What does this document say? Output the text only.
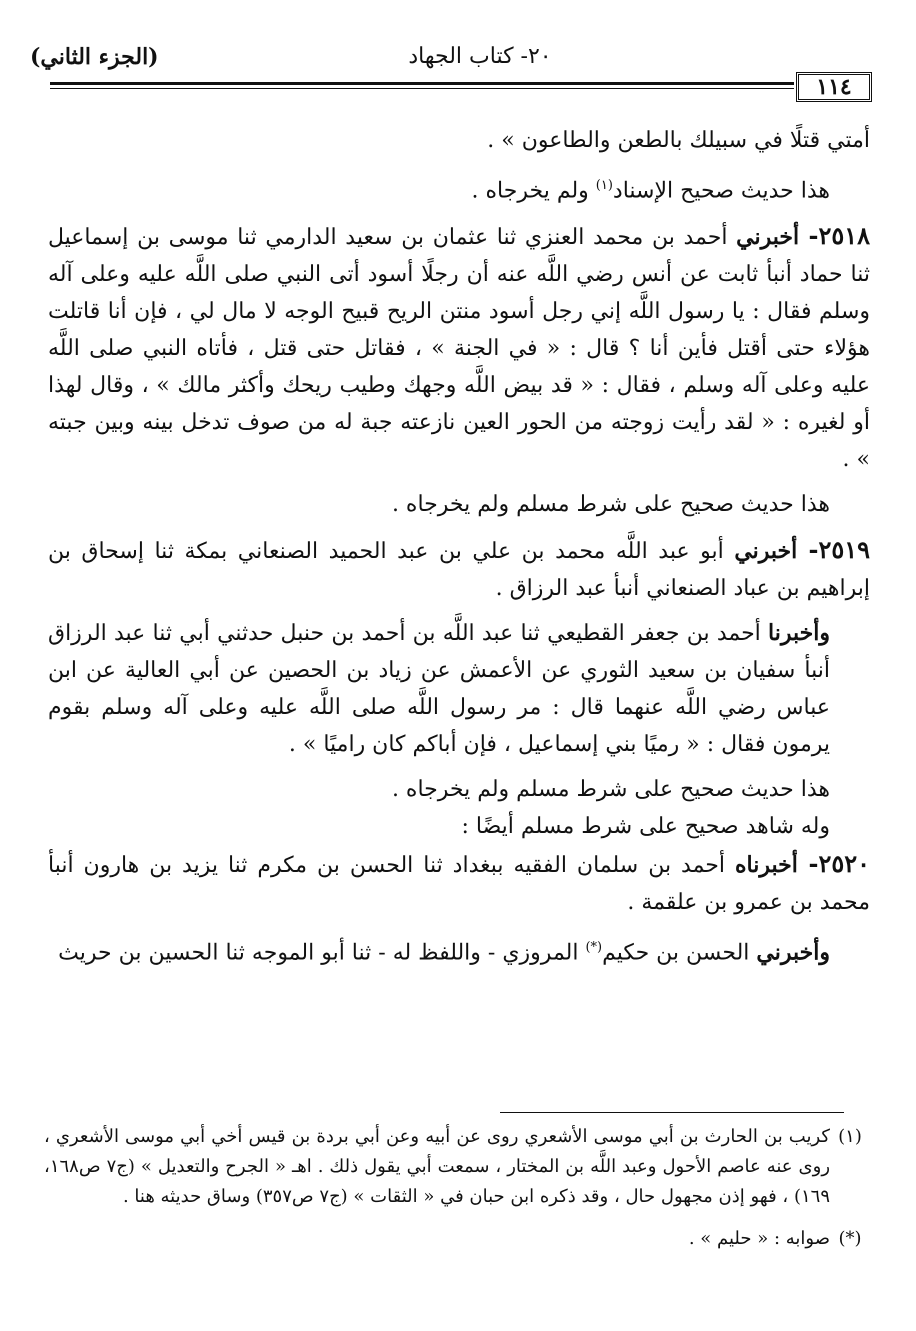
(الجزء الثاني)	٢٠- كتاب الجهاد
١١٤

أمتي قتلًا في سبيلك بالطعن والطاعون » .

هذا حديث صحيح الإسناد$^{(١)}$ ولم يخرجاه .

٢٥١٨- أخبرني أحمد بن محمد العنزي ثنا عثمان بن سعيد الدارمي ثنا موسى بن إسماعيل ثنا حماد أنبأ ثابت عن أنس رضي اللَّه عنه أن رجلًا أسود أتى النبي صلى اللَّه عليه وعلى آله وسلم فقال : يا رسول اللَّه إني رجل أسود منتن الريح قبيح الوجه لا مال لي ، فإن أنا قاتلت هؤلاء حتى أقتل فأين أنا ؟ قال : « في الجنة » ، فقاتل حتى قتل ، فأتاه النبي صلى اللَّه عليه وعلى آله وسلم ، فقال : « قد بيض اللَّه وجهك وطيب ريحك وأكثر مالك » ، وقال لهذا أو لغيره : « لقد رأيت زوجته من الحور العين نازعته جبة له من صوف تدخل بينه وبين جبته » .

هذا حديث صحيح على شرط مسلم ولم يخرجاه .

٢٥١٩- أخبرني أبو عبد اللَّه محمد بن علي بن عبد الحميد الصنعاني بمكة ثنا إسحاق بن إبراهيم بن عباد الصنعاني أنبأ عبد الرزاق .

وأخبرنا أحمد بن جعفر القطيعي ثنا عبد اللَّه بن أحمد بن حنبل حدثني أبي ثنا عبد الرزاق أنبأ سفيان بن سعيد الثوري عن الأعمش عن زياد بن الحصين عن أبي العالية عن ابن عباس رضي اللَّه عنهما قال : مر رسول اللَّه صلى اللَّه عليه وعلى آله وسلم بقوم يرمون فقال : « رميًا بني إسماعيل ، فإن أباكم كان راميًا » .

هذا حديث صحيح على شرط مسلم ولم يخرجاه .

وله شاهد صحيح على شرط مسلم أيضًا :

٢٥٢٠- أخبرناه أحمد بن سلمان الفقيه ببغداد ثنا الحسن بن مكرم ثنا يزيد بن هارون أنبأ محمد بن عمرو بن علقمة .

وأخبرني الحسن بن حكيم(*) المروزي - واللفظ له - ثنا أبو الموجه ثنا الحسين بن حريث

(١)
كريب بن الحارث بن أبي موسى الأشعري روى عن أبيه وعن أبي بردة بن قيس أخي أبي موسى الأشعري ، روى عنه عاصم الأحول وعبد اللَّه بن المختار ، سمعت أبي يقول ذلك . اهـ « الجرح والتعديل » (ج٧ ص١٦٨، ١٦٩) ، فهو إذن مجهول حال ، وقد ذكره ابن حبان في « الثقات » (ج٧ ص٣٥٧) وساق حديثه هنا .
(*)
صوابه : « حليم » .
